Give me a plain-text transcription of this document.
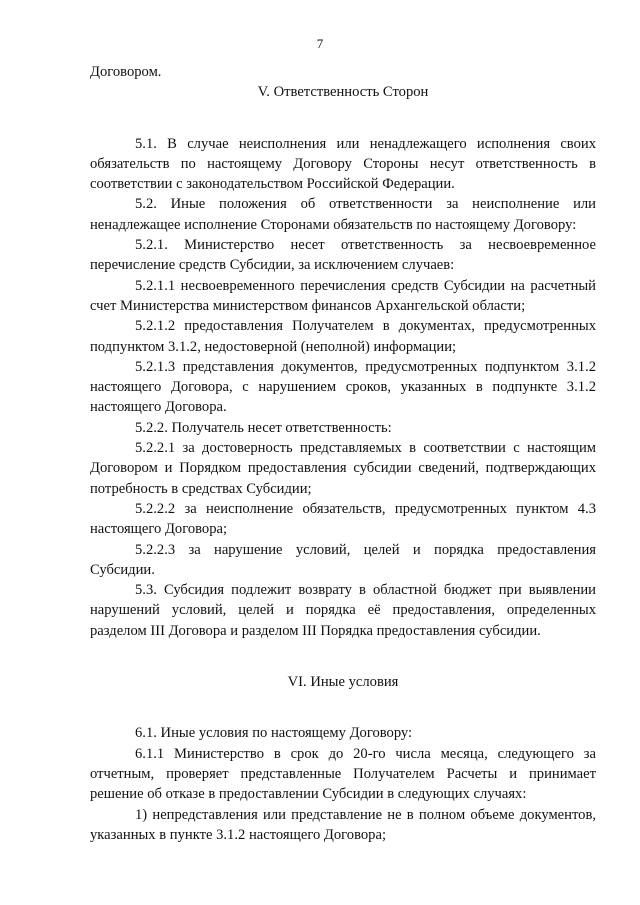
7

Договором.

V. Ответственность Сторон

5.1. В случае неисполнения или ненадлежащего исполнения своих обязательств по настоящему Договору Стороны несут ответственность в соответствии с законодательством Российской Федерации.

5.2. Иные положения об ответственности за неисполнение или ненадлежащее исполнение Сторонами обязательств по настоящему Договору:

5.2.1. Министерство несет ответственность за несвоевременное перечисление средств Субсидии, за исключением случаев:

5.2.1.1 несвоевременного перечисления средств Субсидии на расчетный счет Министерства министерством финансов Архангельской области;

5.2.1.2 предоставления Получателем в документах, предусмотренных подпунктом 3.1.2, недостоверной (неполной) информации;

5.2.1.3 представления документов, предусмотренных подпунктом 3.1.2 настоящего Договора, с нарушением сроков, указанных в подпункте 3.1.2 настоящего Договора.

5.2.2. Получатель несет ответственность:

5.2.2.1 за достоверность представляемых в соответствии с настоящим Договором и Порядком предоставления субсидии сведений, подтверждающих потребность в средствах Субсидии;

5.2.2.2 за неисполнение обязательств, предусмотренных пунктом 4.3 настоящего Договора;

5.2.2.3 за нарушение условий, целей и порядка предоставления Субсидии.

5.3. Субсидия подлежит возврату в областной бюджет при выявлении нарушений условий, целей и порядка её предоставления, определенных разделом III Договора и разделом III Порядка предоставления субсидии.

VI. Иные условия

6.1. Иные условия по настоящему Договору:

6.1.1 Министерство в срок до 20-го числа месяца, следующего за отчетным, проверяет представленные Получателем Расчеты и принимает решение об отказе в предоставлении Субсидии в следующих случаях:

1) непредставления или представление не в полном объеме документов, указанных в пункте 3.1.2 настоящего Договора;
